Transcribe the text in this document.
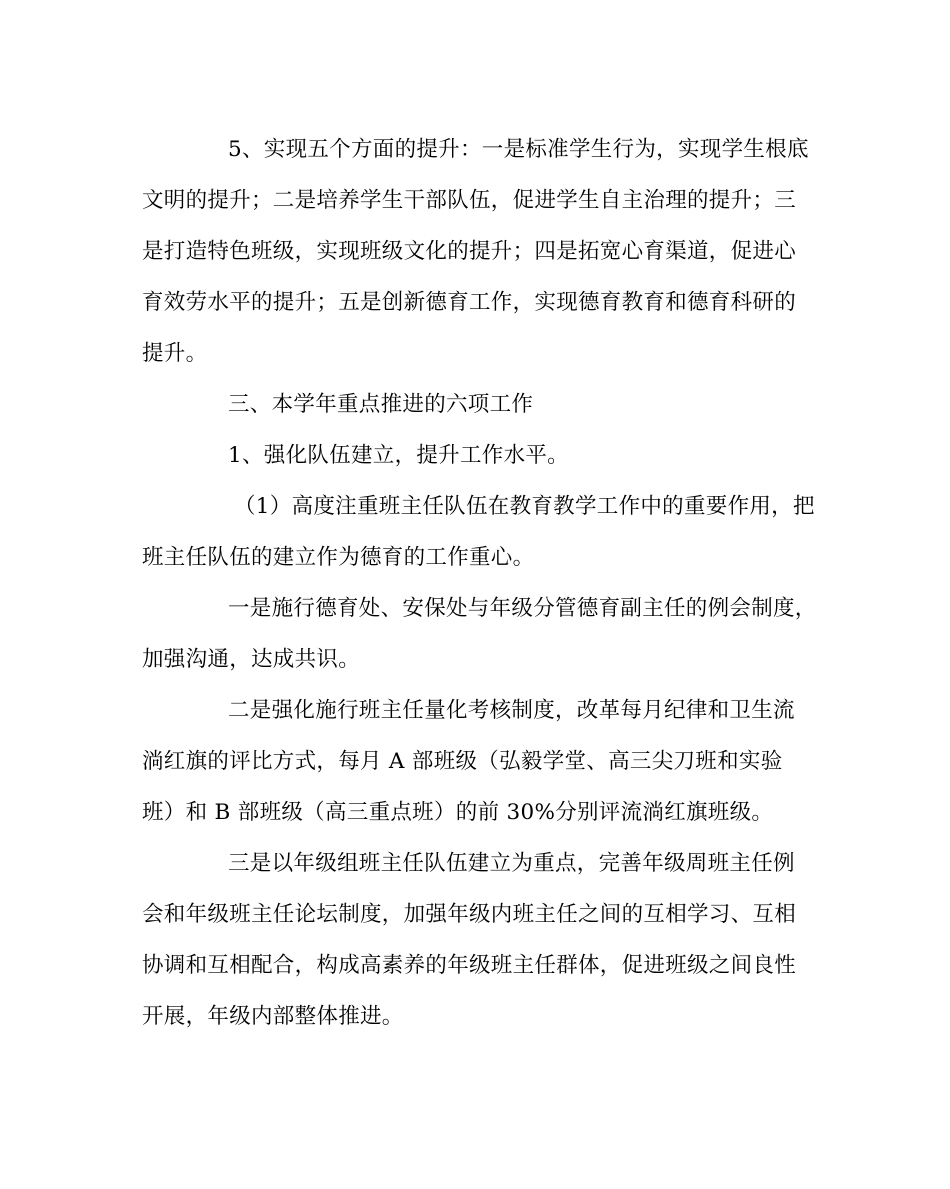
5、实现五个方面的提升：一是标准学生行为，实现学生根底
文明的提升；二是培养学生干部队伍，促进学生自主治理的提升；三
是打造特色班级，实现班级文化的提升；四是拓宽心育渠道，促进心
育效劳水平的提升；五是创新德育工作，实现德育教育和德育科研的
提升。
三、本学年重点推进的六项工作
1、强化队伍建立，提升工作水平。
（1）高度注重班主任队伍在教育教学工作中的重要作用，把
班主任队伍的建立作为德育的工作重心。
一是施行德育处、安保处与年级分管德育副主任的例会制度，
加强沟通，达成共识。
二是强化施行班主任量化考核制度，改革每月纪律和卫生流
淌红旗的评比方式，每月 A 部班级（弘毅学堂、高三尖刀班和实验
班）和 B 部班级（高三重点班）的前 30%分别评流淌红旗班级。
三是以年级组班主任队伍建立为重点，完善年级周班主任例
会和年级班主任论坛制度，加强年级内班主任之间的互相学习、互相
协调和互相配合，构成高素养的年级班主任群体，促进班级之间良性
开展，年级内部整体推进。
